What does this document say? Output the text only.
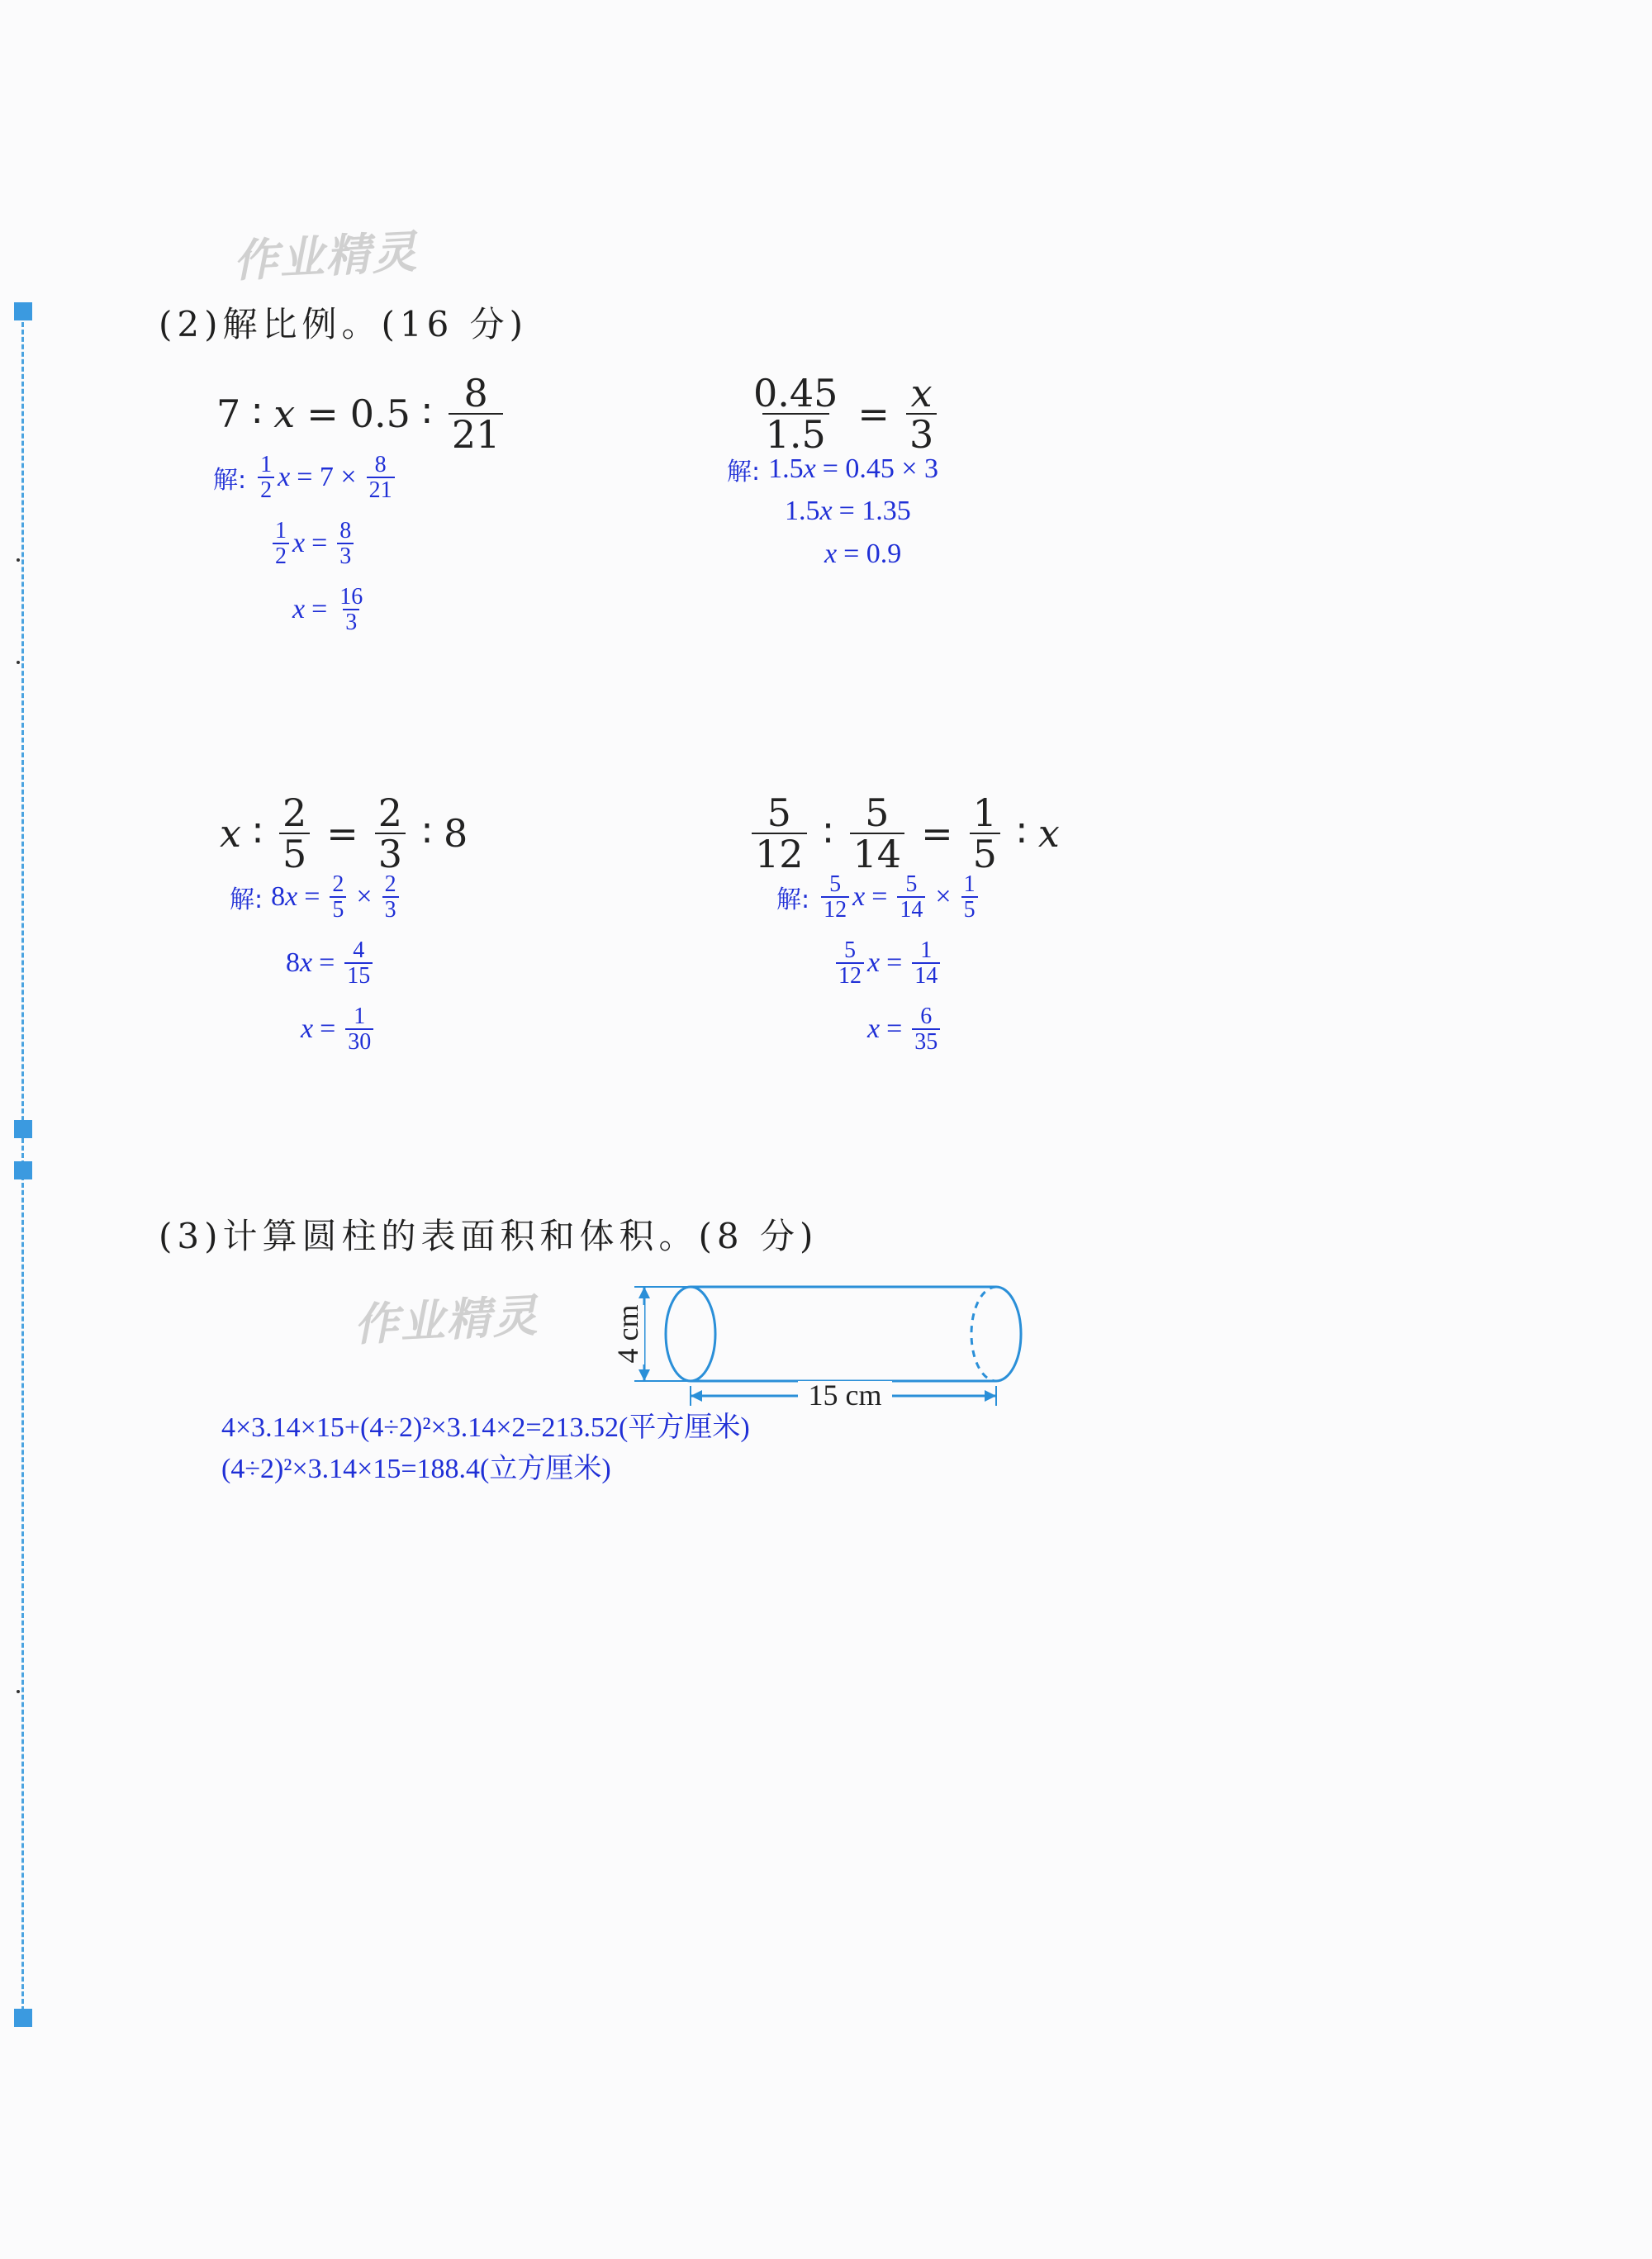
作业精灵
作业精灵
(2)解比例。(16 分)
7 ∶ x = 0.5 ∶ $\frac{8}{21}$
解: $\frac{1}{2}$ $x = 7 \times \frac{8}{21}$
$\frac{1}{2}$ $x = \frac{8}{3}$
$x = \frac{16}{3}$
$\frac{0.45}{1.5} = \frac{x}{3}$
解: 1.5 x = 0.45 × 3
1.5 x = 1.35
x = 0.9
x ∶ $\frac{2}{5} = \frac{2}{3}$ ∶ 8
解: 8 $x = \frac{2}{5} \times \frac{2}{3}$
8 $x = \frac{4}{15}$
$x = \frac{1}{30}$
$\frac{5}{12}$ ∶ $\frac{5}{14} = \frac{1}{5}$ ∶ x
解: $\frac{5}{12}$ $x = \frac{5}{14} \times \frac{1}{5}$
$\frac{5}{12}$ $x = \frac{1}{14}$
$x = \frac{6}{35}$
(3)计算圆柱的表面积和体积。(8 分)
15 cm
4 cm
4×3.14×15+(4÷2)²×3.14×2=213.52(平方厘米)
(4÷2)²×3.14×15=188.4(立方厘米)
